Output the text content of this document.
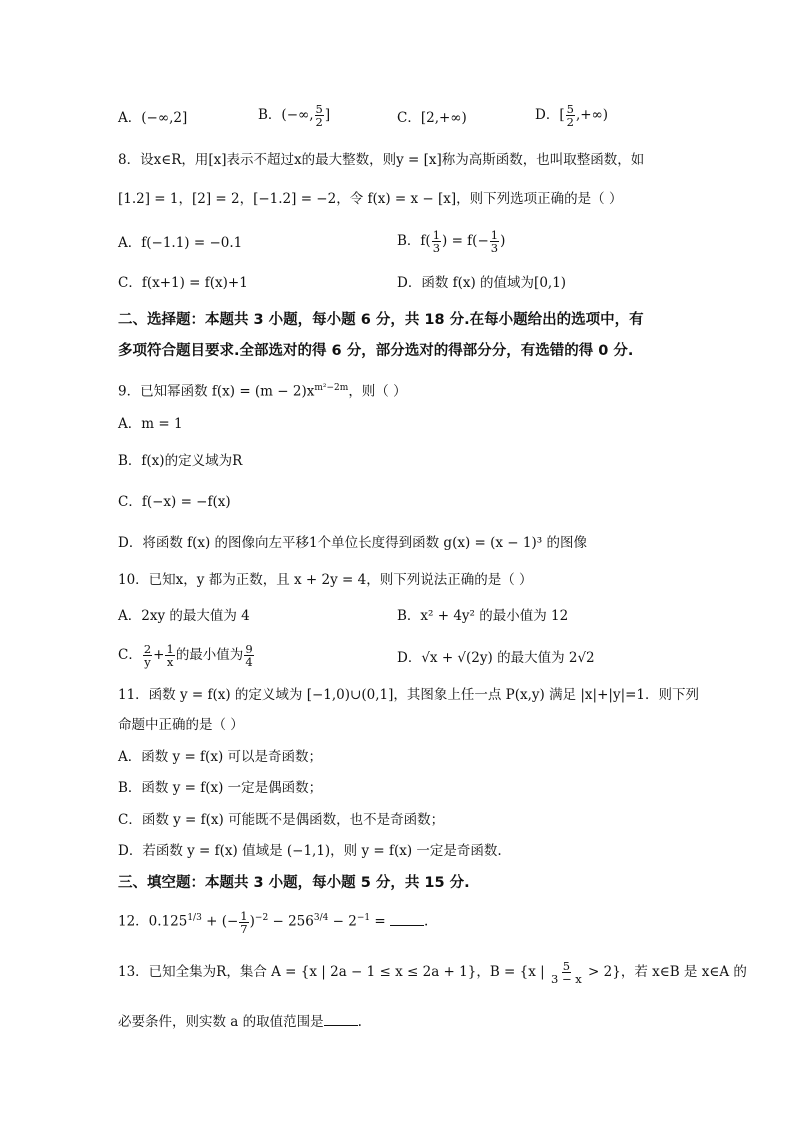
A．(−∞,2]	B．(−∞, $\frac{5}{2}$ ]	C．[2,+∞)	D．[ $\frac{5}{2}$ ,+∞)
8．设x∈R，用[x]表示不超过x的最大整数，则y = [x]称为高斯函数，也叫取整函数，如
[1.2] = 1，[2] = 2，[−1.2] = −2，令 f(x) = x − [x]，则下列选项正确的是（ ）
A．f(−1.1) = −0.1	B．$f( \frac{1}{3}$ ) = $f(- \frac{1}{3}$ )
C．f(x+1) = f(x)+1	D．函数 f(x) 的值域为[0,1)
二、选择题：本题共 3 小题，每小题 6 分，共 18 分.在每小题给出的选项中，有
多项符合题目要求.全部选对的得 6 分，部分选对的得部分分，有选错的得 0 分.
9．已知幂函数 $f(x) = (m - 2)x^{m^2-2m}$，则（ ）
A．m = 1
B．f(x)的定义域为R
C．f(−x) = −f(x)
D．将函数 f(x) 的图像向左平移1个单位长度得到函数 g(x) = (x − 1)³ 的图像
10．已知x，y 都为正数，且 x + 2y = 4，则下列说法正确的是（ ）
A．2xy 的最大值为 4	B．x² + 4y² 的最小值为 12
C． $\frac{2}{y} + \frac{1}{x}$ 的最小值为 $\frac{9}{4}$	D．√x + √(2y) 的最大值为 2√2
11．函数 y = f(x) 的定义域为 [−1,0)∪(0,1]，其图象上任一点 P(x,y) 满足 |x|+|y|=1．则下列
命题中正确的是（ ）
A．函数 y = f(x) 可以是奇函数；
B．函数 y = f(x) 一定是偶函数；
C．函数 y = f(x) 可能既不是偶函数，也不是奇函数；
D．若函数 y = f(x) 值域是 (−1,1)，则 y = f(x) 一定是奇函数.
三、填空题：本题共 3 小题，每小题 5 分，共 15 分.
12．$0.125^{1/3}$ + (− $\frac{1}{7} )^{-2} - 256^{3/4} - 2^{-1}$ =	.
13．已知全集为R，集合 A = {x | 2a − 1 ≤ x ≤ 2a + 1}，B = {x | $\frac{5}{3 - x} > 2$}，若 x∈B 是 x∈A 的
必要条件，则实数 a 的取值范围是	.
